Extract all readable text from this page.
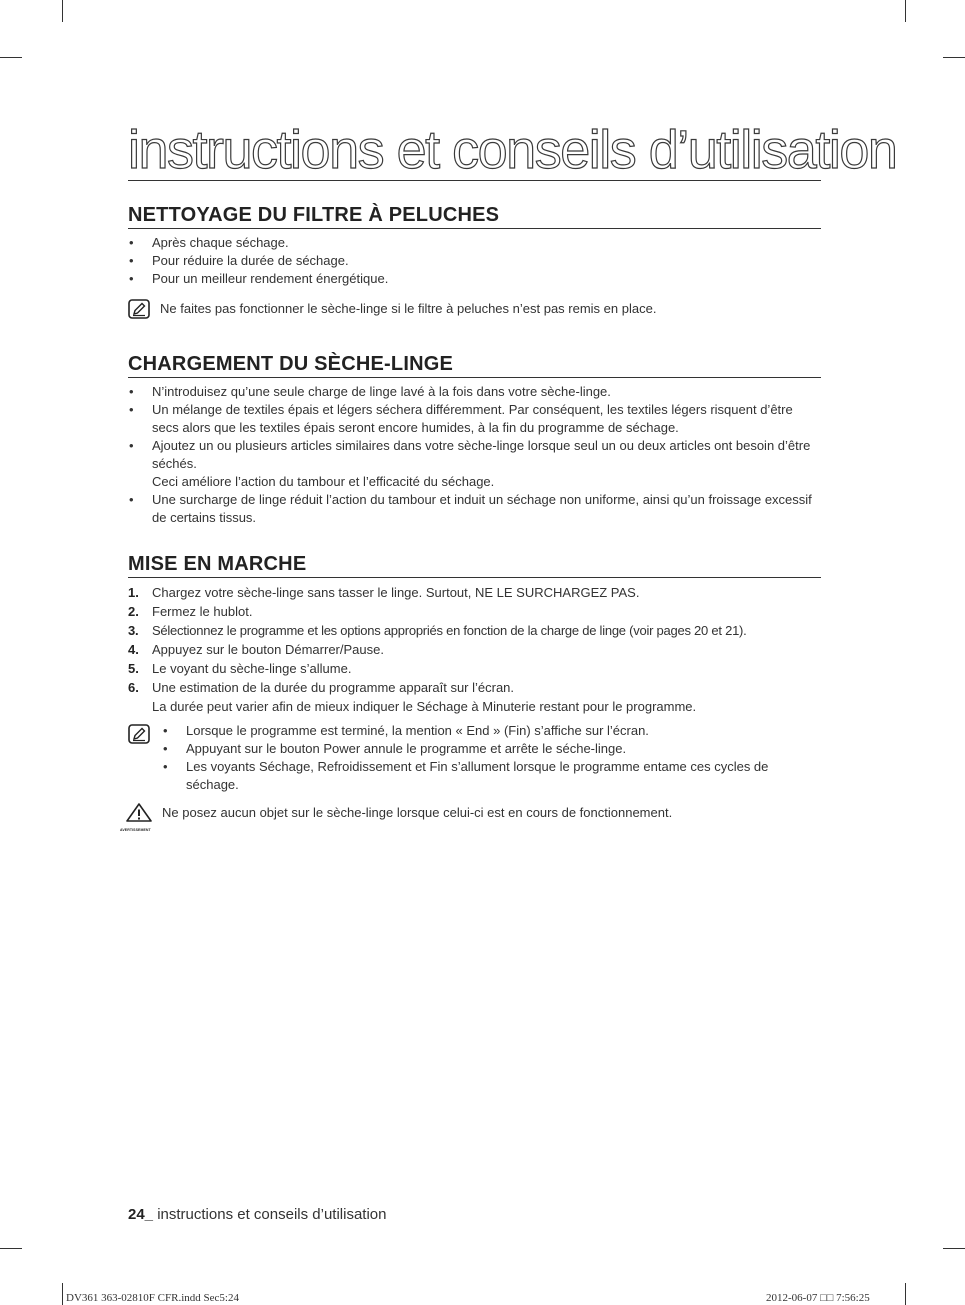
instructions et conseils d’utilisation
NETTOYAGE DU FILTRE À PELUCHES
• Après chaque séchage.
• Pour réduire la durée de séchage.
• Pour un meilleur rendement énergétique.
Ne faites pas fonctionner le sèche-linge si le filtre à peluches n’est pas remis en place.
CHARGEMENT DU SÈCHE-LINGE
• N’introduisez qu’une seule charge de linge lavé à la fois dans votre sèche-linge.
• Un mélange de textiles épais et légers séchera différemment. Par conséquent, les textiles légers risquent d’être secs alors que les textiles épais seront encore humides, à la fin du programme de séchage.
• Ajoutez un ou plusieurs articles similaires dans votre sèche-linge lorsque seul un ou deux articles ont besoin d’être séchés.
Ceci améliore l’action du tambour et l’efficacité du séchage.
• Une surcharge de linge réduit l’action du tambour et induit un séchage non uniforme, ainsi qu’un froissage excessif de certains tissus.
MISE EN MARCHE
1. Chargez votre sèche-linge sans tasser le linge. Surtout, NE LE SURCHARGEZ PAS.
2. Fermez le hublot.
3. Sélectionnez le programme et les options appropriés en fonction de la charge de linge (voir pages 20 et 21).
4. Appuyez sur le bouton Démarrer/Pause.
5. Le voyant du sèche-linge s’allume.
6. Une estimation de la durée du programme apparaît sur l’écran.
La durée peut varier afin de mieux indiquer le Séchage à Minuterie restant pour le programme.
• Lorsque le programme est terminé, la mention « End » (Fin) s’affiche sur l’écran.
• Appuyant sur le bouton Power annule le programme et arrête le séche-linge.
• Les voyants Séchage, Refroidissement et Fin s’allument lorsque le programme entame ces cycles de séchage.
AVERTISSEMENT
Ne posez aucun objet sur le sèche-linge lorsque celui-ci est en cours de fonctionnement.
24_ instructions et conseils d’utilisation
DV361 363-02810F CFR.indd Sec5:24	2012-06-07 □□ 7:56:25
